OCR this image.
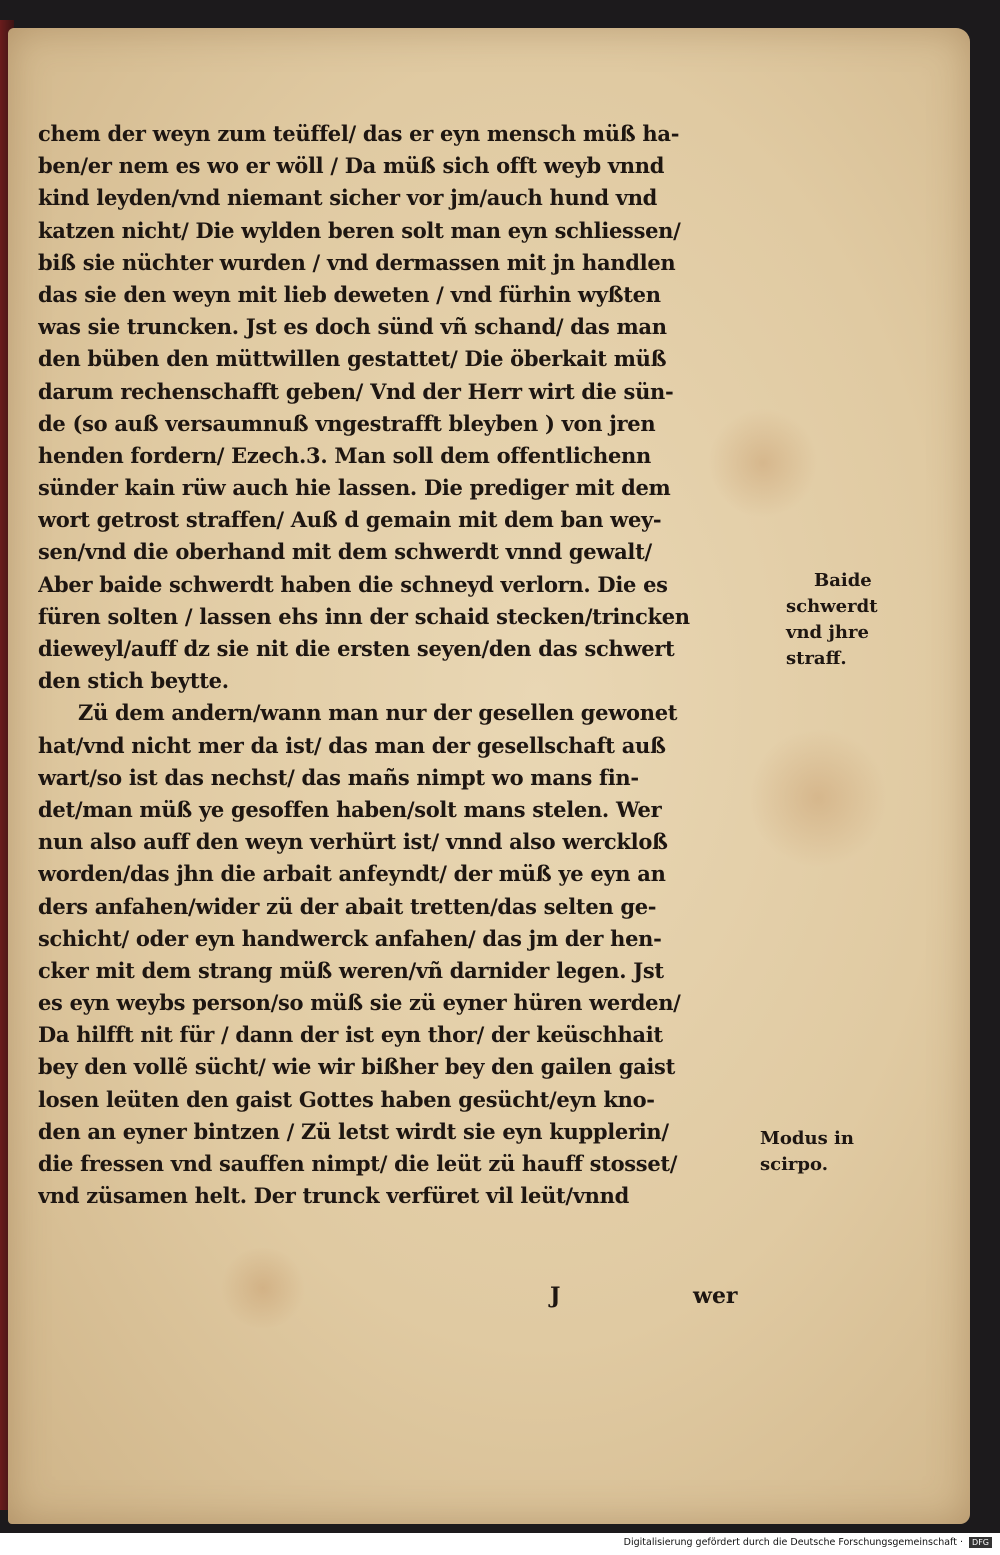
chem der weyn zum teüffel/ das er eyn mensch müß ha-
ben/er nem es wo er wöll / Da müß sich offt weyb vnnd
kind leyden/vnd niemant sicher vor jm/auch hund vnd
katzen nicht/ Die wylden beren solt man eyn schliessen/
biß sie nüchter wurden / vnd dermassen mit jn handlen
das sie den weyn mit lieb deweten / vnd fürhin wyßten
was sie truncken. Jst es doch sünd vñ schand/ das man
den büben den müttwillen gestattet/ Die öberkait müß
darum rechenschafft geben/ Vnd der Herr wirt die sün-
de (so auß versaumnuß vngestrafft bleyben ) von jren
henden fordern/ Ezech.3. Man soll dem offentlichenn
sünder kain rüw auch hie lassen. Die prediger mit dem
wort getrost straffen/ Auß d gemain mit dem ban wey-
sen/vnd die oberhand mit dem schwerdt vnnd gewalt/
Aber baide schwerdt haben die schneyd verlorn. Die es
füren solten / lassen ehs inn der schaid stecken/trincken
dieweyl/auff dz sie nit die ersten seyen/den das schwert
den stich beytte.
Zü dem andern/wann man nur der gesellen gewonet
hat/vnd nicht mer da ist/ das man der gesellschaft auß
wart/so ist das nechst/ das mañs nimpt wo mans fin-
det/man müß ye gesoffen haben/solt mans stelen. Wer
nun also auff den weyn verhürt ist/ vnnd also werckloß
worden/das jhn die arbait anfeyndt/ der müß ye eyn an
ders anfahen/wider zü der abait tretten/das selten ge-
schicht/ oder eyn handwerck anfahen/ das jm der hen-
cker mit dem strang müß weren/vñ darnider legen. Jst
es eyn weybs person/so müß sie zü eyner hüren werden/
Da hilfft nit für / dann der ist eyn thor/ der keüschhait
bey den vollẽ sücht/ wie wir bißher bey den gailen gaist
losen leüten den gaist Gottes haben gesücht/eyn kno-
den an eyner bintzen / Zü letst wirdt sie eyn kupplerin/
die fressen vnd sauffen nimpt/ die leüt zü hauff stosset/
vnd züsamen helt. Der trunck verfüret vil leüt/vnnd
J	wer
Baide
schwerdt
vnd jhre
straff.
Modus in
scirpo.
Digitalisierung gefördert durch die Deutsche Forschungsgemeinschaft · DFG
